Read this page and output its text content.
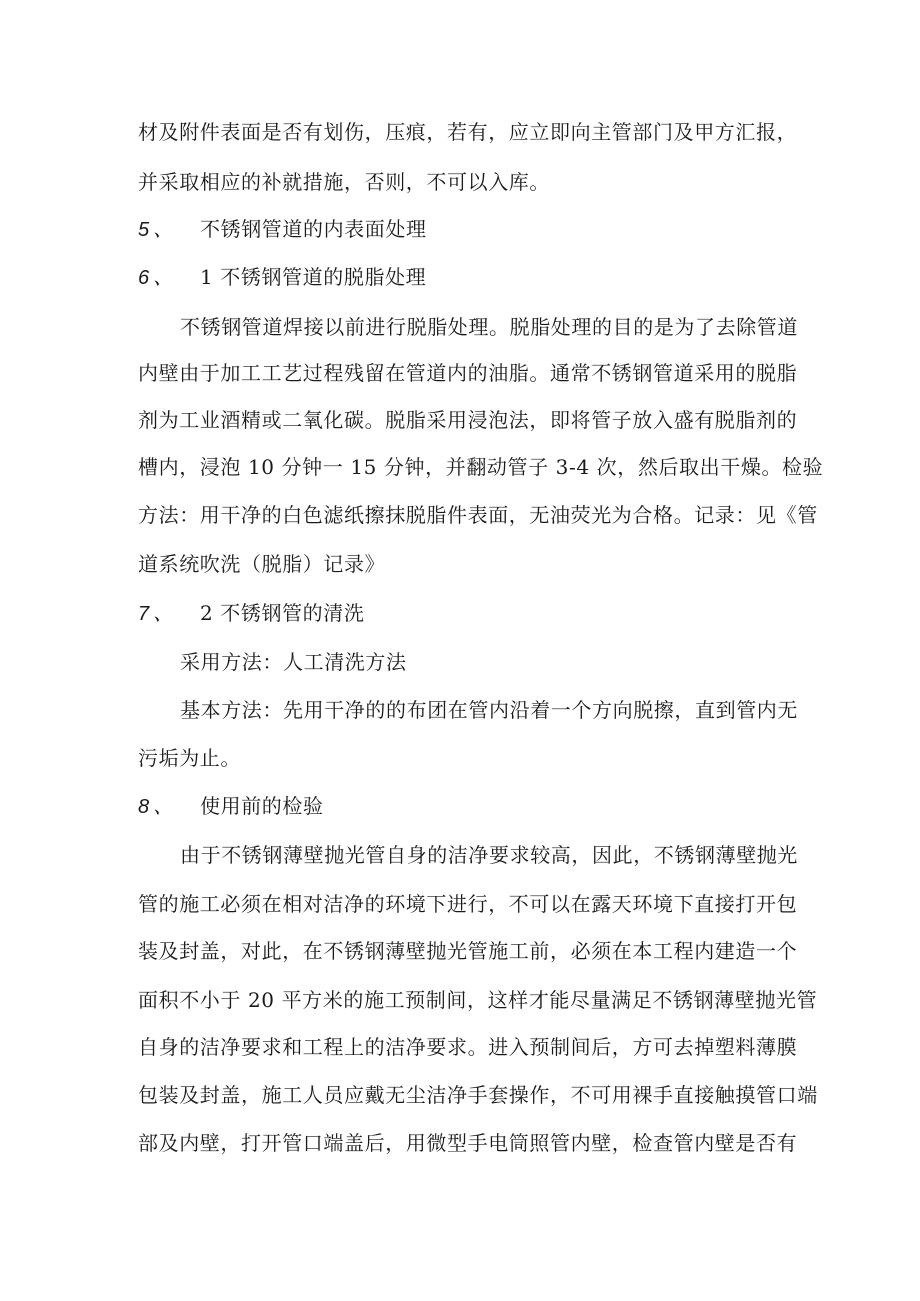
材及附件表面是否有划伤，压痕，若有，应立即向主管部门及甲方汇报，
并采取相应的补就措施，否则，不可以入库。
5、 不锈钢管道的内表面处理
6、 1 不锈钢管道的脱脂处理
不锈钢管道焊接以前进行脱脂处理。脱脂处理的目的是为了去除管道
内壁由于加工工艺过程残留在管道内的油脂。通常不锈钢管道采用的脱脂
剂为工业酒精或二氧化碳。脱脂采用浸泡法，即将管子放入盛有脱脂剂的
槽内，浸泡 10 分钟一 15 分钟，并翻动管子 3-4 次，然后取出干燥。检验
方法：用干净的白色滤纸擦抹脱脂件表面，无油荧光为合格。记录：见《管
道系统吹洗（脱脂）记录》
7、 2 不锈钢管的清洗
采用方法：人工清洗方法
基本方法：先用干净的的布团在管内沿着一个方向脱擦，直到管内无
污垢为止。
8、 使用前的检验
由于不锈钢薄壁抛光管自身的洁净要求较高，因此，不锈钢薄壁抛光
管的施工必须在相对洁净的环境下进行，不可以在露天环境下直接打开包
装及封盖，对此，在不锈钢薄壁抛光管施工前，必须在本工程内建造一个
面积不小于 20 平方米的施工预制间，这样才能尽量满足不锈钢薄壁抛光管
自身的洁净要求和工程上的洁净要求。进入预制间后，方可去掉塑料薄膜
包装及封盖，施工人员应戴无尘洁净手套操作，不可用裸手直接触摸管口端
部及内壁，打开管口端盖后，用微型手电筒照管内壁，检查管内壁是否有
